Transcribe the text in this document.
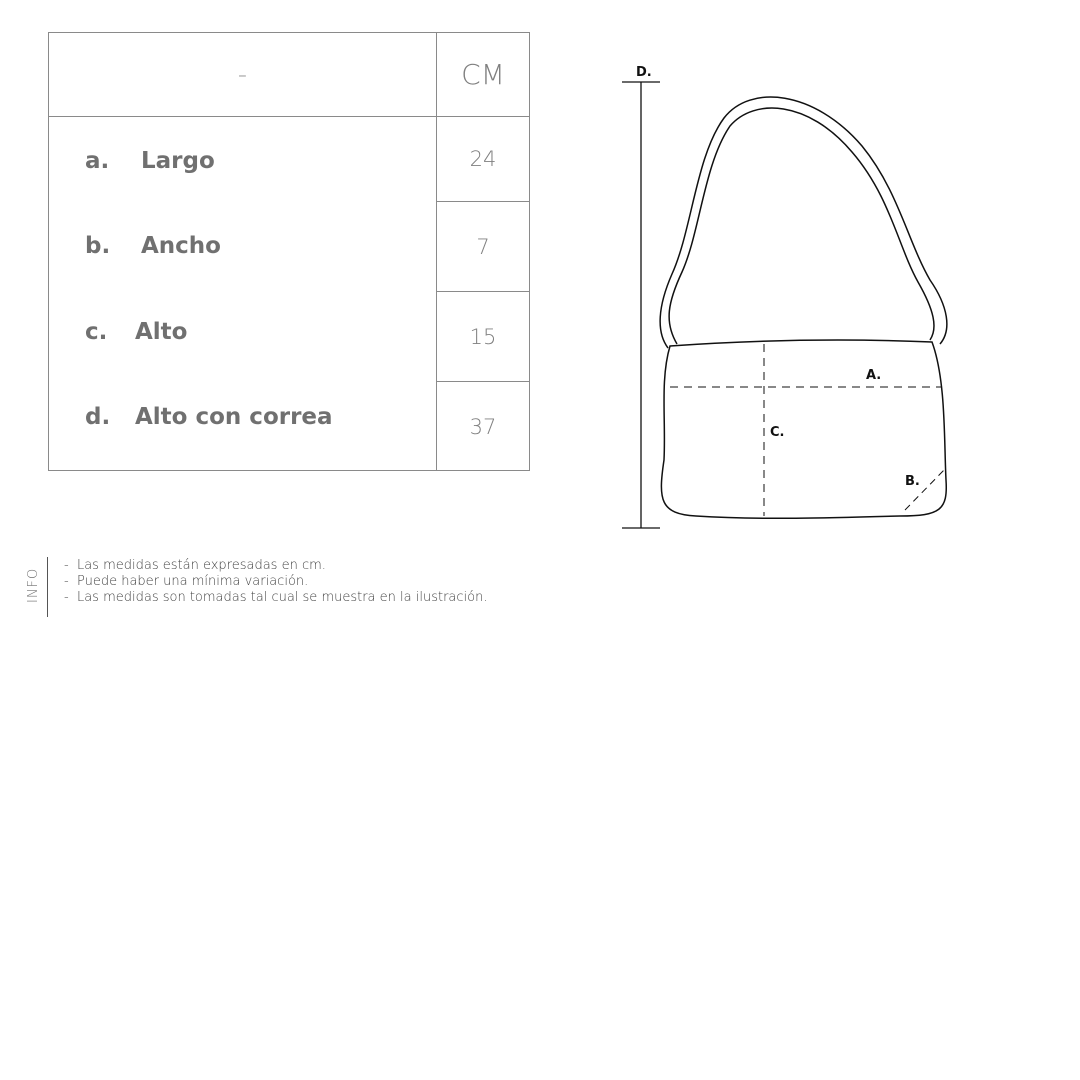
-	CM
a. Largo
b. Ancho
c. Alto
d. Alto con correa
24
7
15
37
D.
A.
C.
B.
INFO
- Las medidas están expresadas en cm.
- Puede haber una mínima variación.
- Las medidas son tomadas tal cual se muestra en la ilustración.
